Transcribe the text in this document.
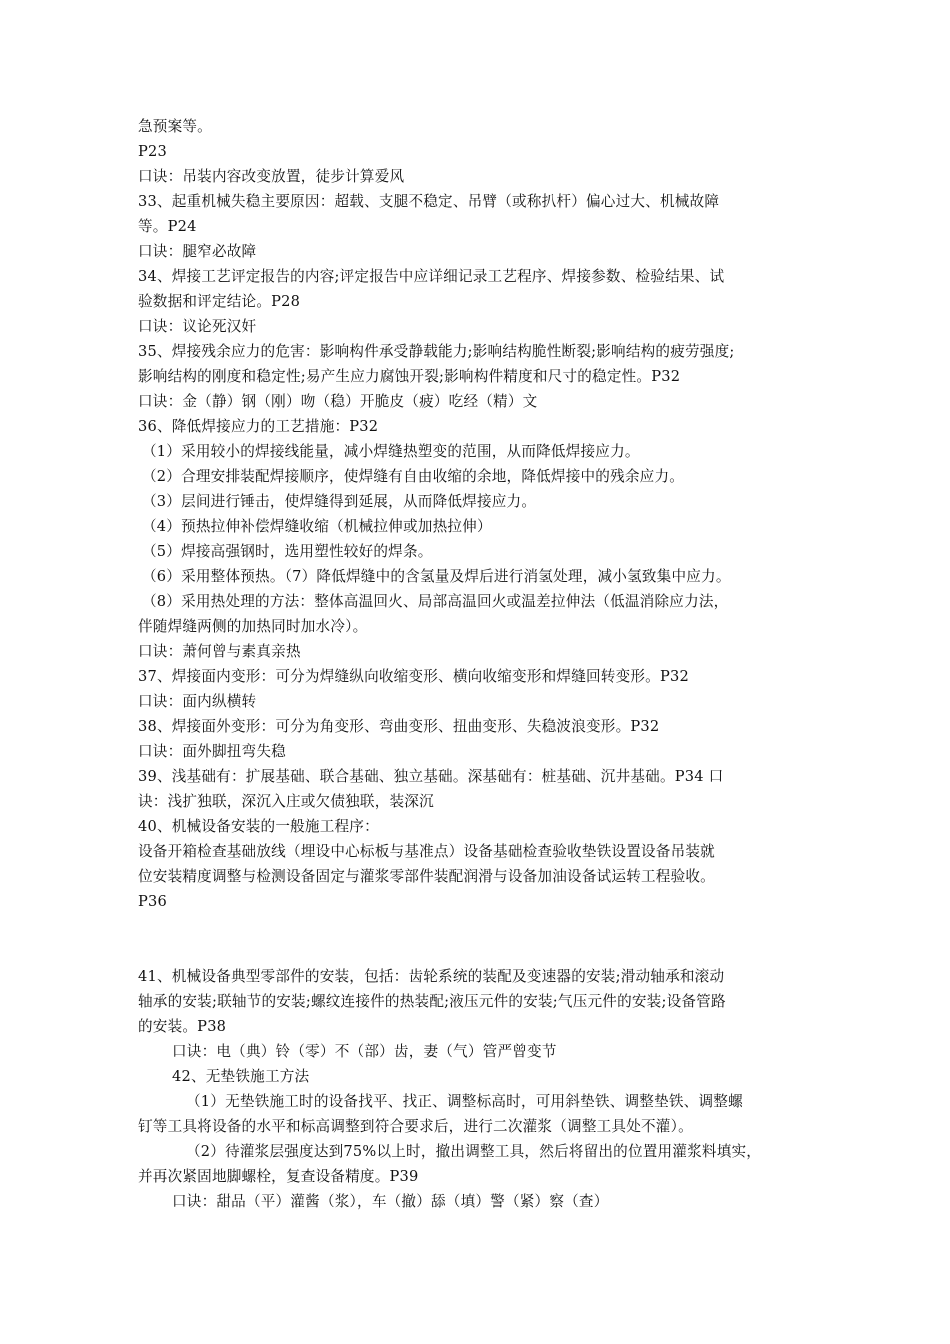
急预案等。
P23
口诀：吊装内容改变放置，徒步计算爱风
33、起重机械失稳主要原因：超载、支腿不稳定、吊臂（或称扒杆）偏心过大、机械故障
等。P24
口诀：腿窄必故障
34、焊接工艺评定报告的内容;评定报告中应详细记录工艺程序、焊接参数、检验结果、试
验数据和评定结论。P28
口诀：议论死汉奸
35、焊接残余应力的危害：影响构件承受静载能力;影响结构脆性断裂;影响结构的疲劳强度;
影响结构的刚度和稳定性;易产生应力腐蚀开裂;影响构件精度和尺寸的稳定性。P32
口诀：金（静）钢（刚）吻（稳）开脆皮（疲）吃经（精）文
36、降低焊接应力的工艺措施：P32
（1）采用较小的焊接线能量，减小焊缝热塑变的范围，从而降低焊接应力。
（2）合理安排装配焊接顺序，使焊缝有自由收缩的余地，降低焊接中的残余应力。
（3）层间进行锤击，使焊缝得到延展，从而降低焊接应力。
（4）预热拉伸补偿焊缝收缩（机械拉伸或加热拉伸）
（5）焊接高强钢时，选用塑性较好的焊条。
（6）采用整体预热。（7）降低焊缝中的含氢量及焊后进行消氢处理，减小氢致集中应力。
（8）采用热处理的方法：整体高温回火、局部高温回火或温差拉伸法（低温消除应力法，
伴随焊缝两侧的加热同时加水冷）。
口诀：萧何曾与素真亲热
37、焊接面内变形：可分为焊缝纵向收缩变形、横向收缩变形和焊缝回转变形。P32
口诀：面内纵横转
38、焊接面外变形：可分为角变形、弯曲变形、扭曲变形、失稳波浪变形。P32
口诀：面外脚扭弯失稳
39、浅基础有：扩展基础、联合基础、独立基础。深基础有：桩基础、沉井基础。P34 口
诀：浅扩独联，深沉入庄或欠债独联，装深沉
40、机械设备安装的一般施工程序：
设备开箱检查基础放线（埋设中心标板与基准点）设备基础检查验收垫铁设置设备吊装就
位安装精度调整与检测设备固定与灌浆零部件装配润滑与设备加油设备试运转工程验收。
P36
41、机械设备典型零部件的安装，包括：齿轮系统的装配及变速器的安装;滑动轴承和滚动
轴承的安装;联轴节的安装;螺纹连接件的热装配;液压元件的安装;气压元件的安装;设备管路
的安装。P38
口诀：电（典）铃（零）不（部）齿，妻（气）管严曾变节
42、无垫铁施工方法
（1）无垫铁施工时的设备找平、找正、调整标高时，可用斜垫铁、调整垫铁、调整螺
钉等工具将设备的水平和标高调整到符合要求后，进行二次灌浆（调整工具处不灌）。
（2）待灌浆层强度达到75%以上时，撤出调整工具，然后将留出的位置用灌浆料填实，
并再次紧固地脚螺栓，复查设备精度。P39
口诀：甜品（平）灌酱（浆），车（撤）舔（填）警（紧）察（查）
